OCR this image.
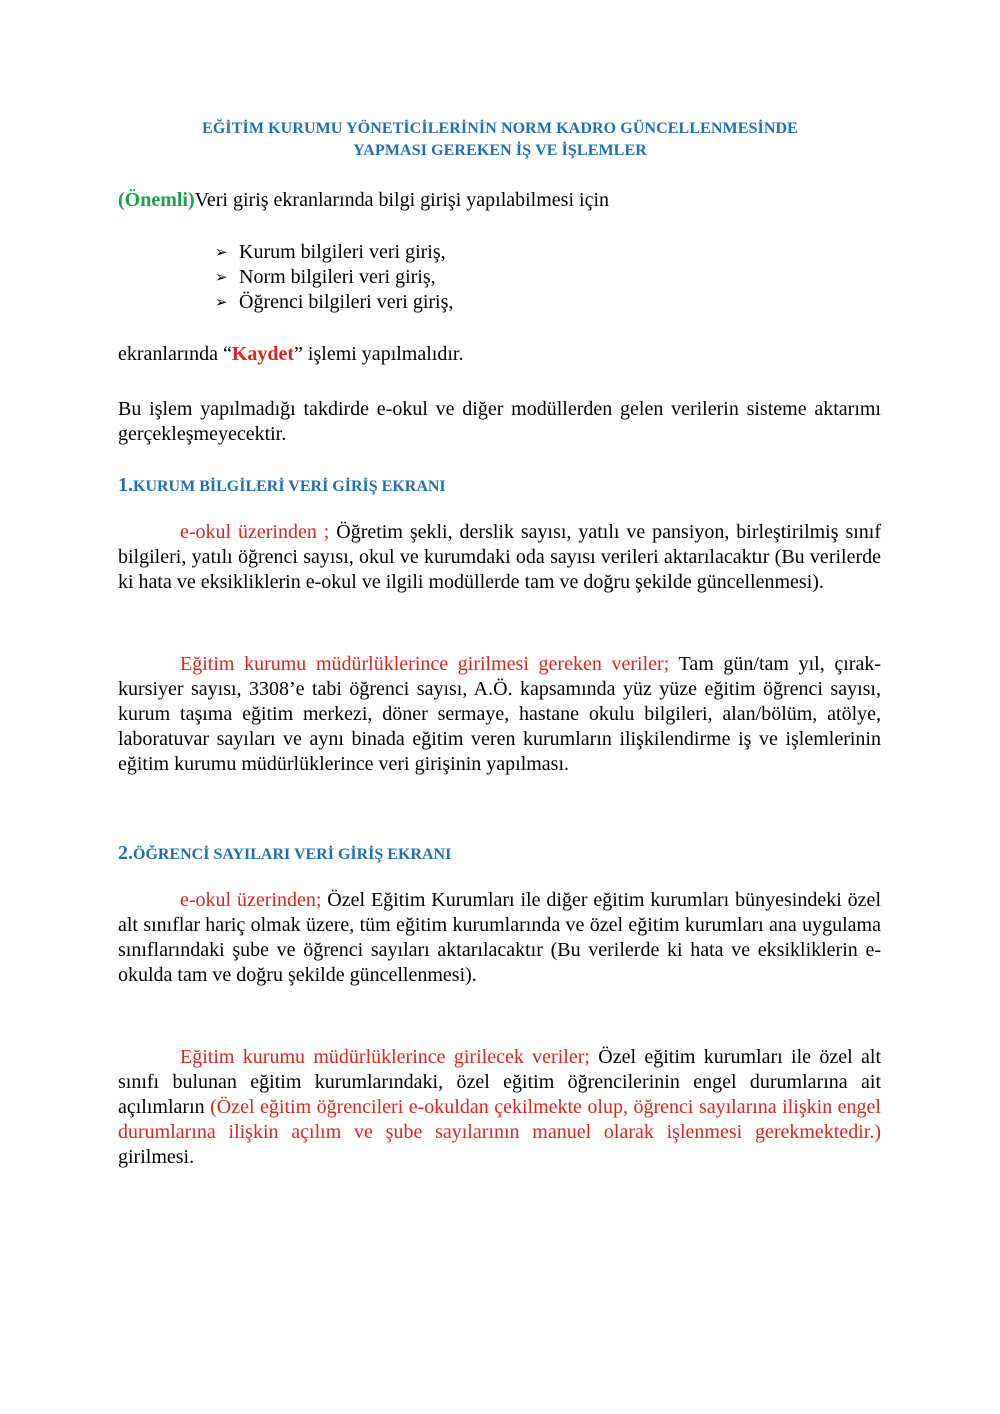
EĞİTİM KURUMU YÖNETİCİLERİNİN NORM KADRO GÜNCELLENMESİNDE
YAPMASI GEREKEN İŞ VE İŞLEMLER
(Önemli)Veri giriş ekranlarında bilgi girişi yapılabilmesi için
➢ Kurum bilgileri veri giriş,
➢ Norm bilgileri veri giriş,
➢ Öğrenci bilgileri veri giriş,
ekranlarında “Kaydet” işlemi yapılmalıdır.
Bu işlem yapılmadığı takdirde e-okul ve diğer modüllerden gelen verilerin sisteme aktarımı gerçekleşmeyecektir.
1.KURUM BİLGİLERİ VERİ GİRİŞ EKRANI
e-okul üzerinden ; Öğretim şekli, derslik sayısı, yatılı ve pansiyon, birleştirilmiş sınıf bilgileri, yatılı öğrenci sayısı, okul ve kurumdaki oda sayısı verileri aktarılacaktır (Bu verilerde ki hata ve eksikliklerin e-okul ve ilgili modüllerde tam ve doğru şekilde güncellenmesi).
Eğitim kurumu müdürlüklerince girilmesi gereken veriler; Tam gün/tam yıl, çırak-kursiyer sayısı, 3308’e tabi öğrenci sayısı, A.Ö. kapsamında yüz yüze eğitim öğrenci sayısı, kurum taşıma eğitim merkezi, döner sermaye, hastane okulu bilgileri, alan/bölüm, atölye, laboratuvar sayıları ve aynı binada eğitim veren kurumların ilişkilendirme iş ve işlemlerinin eğitim kurumu müdürlüklerince veri girişinin yapılması.
2.ÖĞRENCİ SAYILARI VERİ GİRİŞ EKRANI
e-okul üzerinden; Özel Eğitim Kurumları ile diğer eğitim kurumları bünyesindeki özel alt sınıflar hariç olmak üzere, tüm eğitim kurumlarında ve özel eğitim kurumları ana uygulama sınıflarındaki şube ve öğrenci sayıları aktarılacaktır (Bu verilerde ki hata ve eksikliklerin e-okulda tam ve doğru şekilde güncellenmesi).
Eğitim kurumu müdürlüklerince girilecek veriler; Özel eğitim kurumları ile özel alt sınıfı bulunan eğitim kurumlarındaki, özel eğitim öğrencilerinin engel durumlarına ait açılımların (Özel eğitim öğrencileri e-okuldan çekilmekte olup, öğrenci sayılarına ilişkin engel durumlarına ilişkin açılım ve şube sayılarının manuel olarak işlenmesi gerekmektedir.) girilmesi.
